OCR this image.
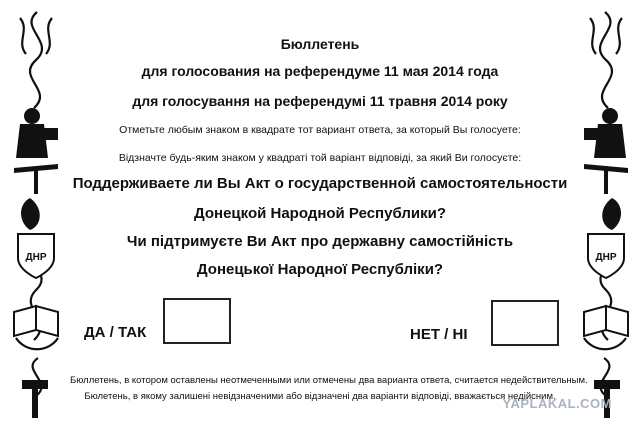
ДНР	ДНР
Бюллетень
для голосования на референдуме 11 мая 2014 года
для голосування на референдумі 11 травня 2014 року
Отметьте любым знаком в квадрате тот вариант ответа, за который Вы голосуете:
Відзначте будь-яким знаком у квадраті той варіант відповіді, за який Ви голосуєте:
Поддерживаете ли Вы Акт о государственной самостоятельности
Донецкой Народной Республики?
Чи підтримуєте Ви Акт про державну самостійність
Донецької Народної Республіки?
ДА / ТАК	НЕТ / НІ
Бюллетень, в котором оставлены неотмеченными или отмечены два варианта ответа, считается недействительным.
Бюлетень, в якому залишені невідзначеними або відзначені два варіанти відповіді, вважається недійсним.
YAPLAKAL.COM
